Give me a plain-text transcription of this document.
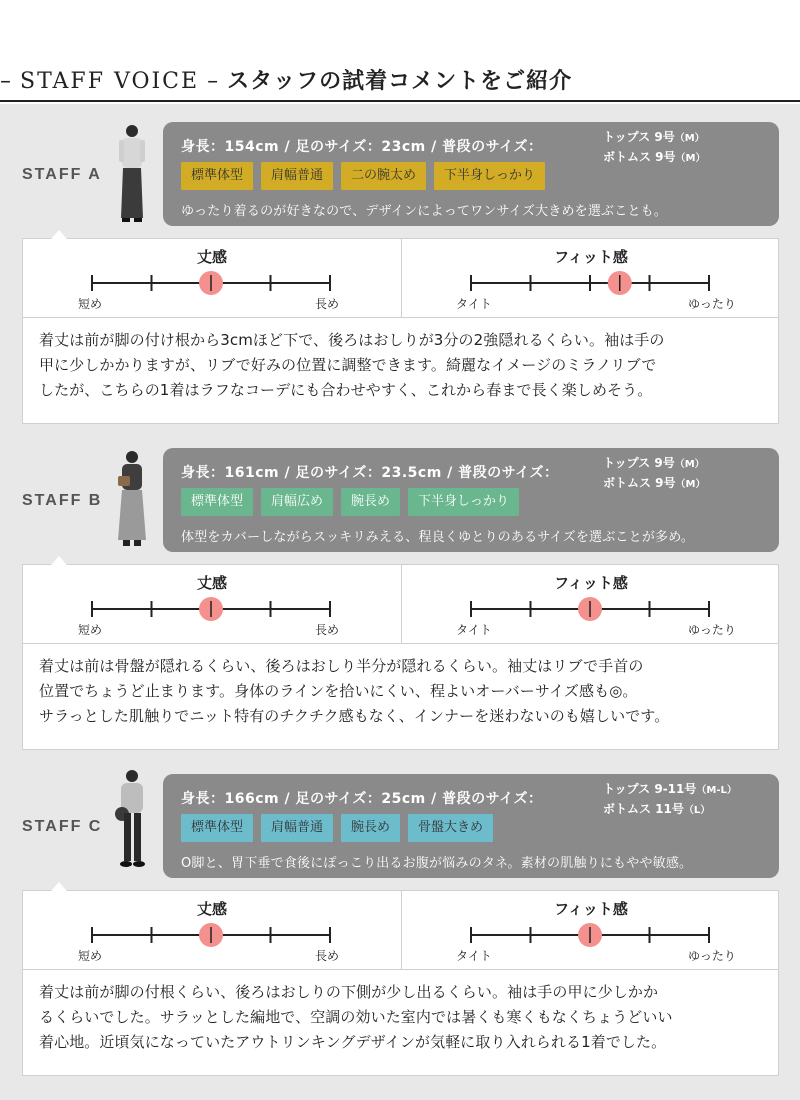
– STAFF VOICE – スタッフの試着コメントをご紹介
STAFF A
身長：154cm / 足のサイズ：23cm / 普段のサイズ：
トップス 9号（M）
ボトムス 9号（M）
標準体型	肩幅普通	二の腕太め	下半身しっかり
ゆったり着るのが好きなので、デザインによってワンサイズ大きめを選ぶことも。
丈感
短め	長め
フィット感
タイト	ゆったり

着丈は前が脚の付け根から3cmほど下で、後ろはおしりが3分の2強隠れるくらい。袖は手の

甲に少しかかりますが、リブで好みの位置に調整できます。綺麗なイメージのミラノリブで

したが、こちらの1着はラフなコーデにも合わせやすく、これから春まで長く楽しめそう。

STAFF B
身長：161cm / 足のサイズ：23.5cm / 普段のサイズ：
トップス 9号（M）
ボトムス 9号（M）
標準体型	肩幅広め	腕長め	下半身しっかり
体型をカバーしながらスッキリみえる、程良くゆとりのあるサイズを選ぶことが多め。
丈感
短め	長め
フィット感
タイト	ゆったり

着丈は前は骨盤が隠れるくらい、後ろはおしり半分が隠れるくらい。袖丈はリブで手首の

位置でちょうど止まります。身体のラインを拾いにくい、程よいオーバーサイズ感も◎。

サラっとした肌触りでニット特有のチクチク感もなく、インナーを迷わないのも嬉しいです。

STAFF C
身長：166cm / 足のサイズ：25cm / 普段のサイズ：
トップス 9-11号（M-L）
ボトムス 11号（L）
標準体型	肩幅普通	腕長め	骨盤大きめ
O脚と、胃下垂で食後にぽっこり出るお腹が悩みのタネ。素材の肌触りにもやや敏感。
丈感
短め	長め
フィット感
タイト	ゆったり

着丈は前が脚の付根くらい、後ろはおしりの下側が少し出るくらい。袖は手の甲に少しかか

るくらいでした。サラッとした編地で、空調の効いた室内では暑くも寒くもなくちょうどいい

着心地。近頃気になっていたアウトリンキングデザインが気軽に取り入れられる1着でした。
